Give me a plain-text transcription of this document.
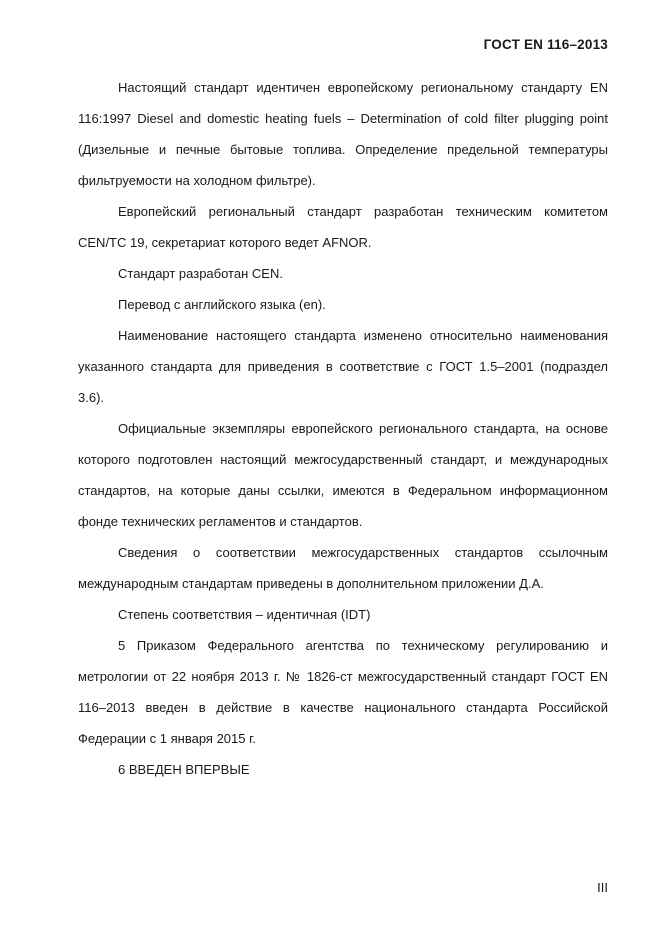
ГОСТ EN 116–2013

Настоящий стандарт идентичен европейскому региональному стандарту EN 116:1997 Diesel and domestic heating fuels – Determination of cold filter plugging point (Дизельные и печные бытовые топлива. Определение предельной температуры фильтруемости на холодном фильтре).

Европейский региональный стандарт разработан техническим комитетом CEN/TC 19, секретариат которого ведет AFNOR.

Стандарт разработан CEN.

Перевод с английского языка (en).

Наименование настоящего стандарта изменено относительно наименования указанного стандарта для приведения в соответствие с ГОСТ 1.5–2001 (подраздел 3.6).

Официальные экземпляры европейского регионального стандарта, на основе которого подготовлен настоящий межгосударственный стандарт, и международных стандартов, на которые даны ссылки, имеются в Федеральном информационном фонде технических регламентов и стандартов.

Сведения о соответствии межгосударственных стандартов ссылочным международным стандартам приведены в дополнительном приложении Д.А.

Степень соответствия – идентичная (IDT)

5 Приказом Федерального агентства по техническому регулированию и метрологии от 22 ноября 2013 г. № 1826-ст межгосударственный стандарт ГОСТ EN 116–2013 введен в действие в качестве национального стандарта Российской Федерации с 1 января 2015 г.

6 ВВЕДЕН ВПЕРВЫЕ

III
